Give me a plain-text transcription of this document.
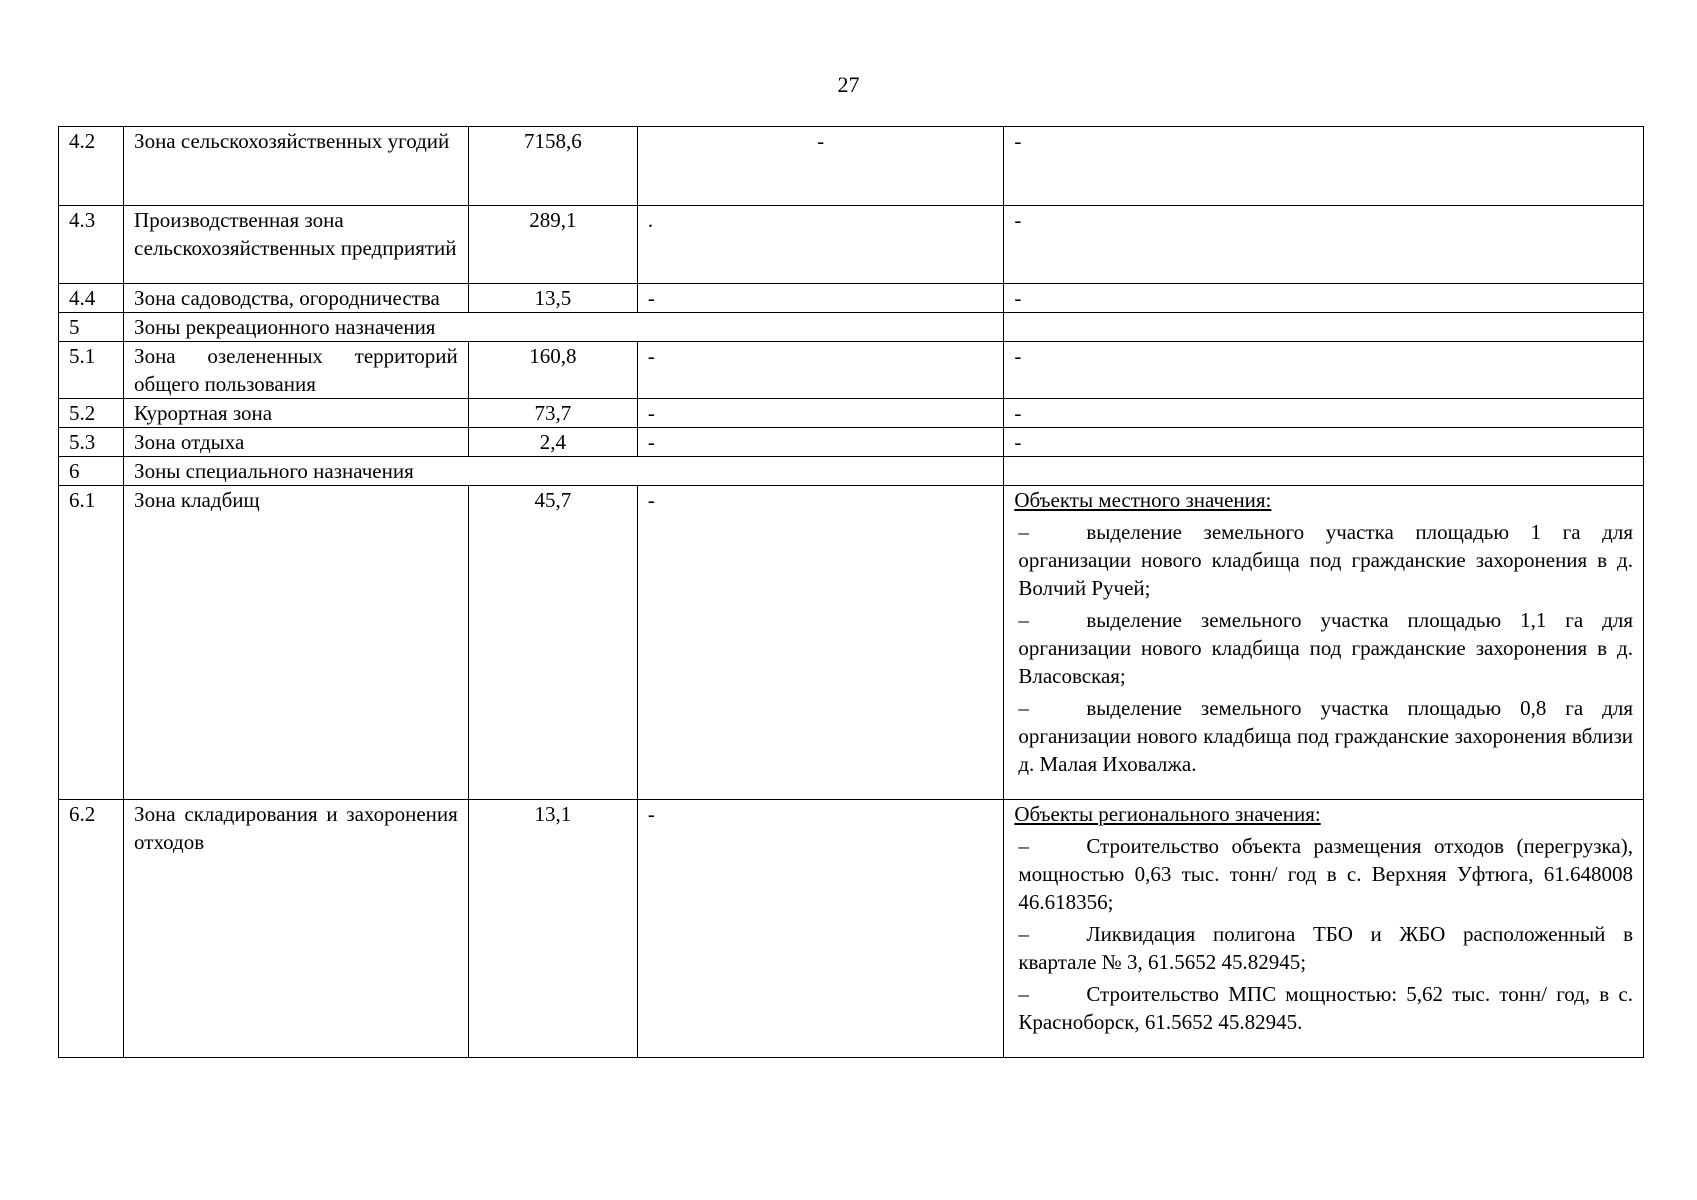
27
4.2	Зона сельскохозяйственных угодий	7158,6	-	-
4.3	Производственная зона сельскохозяйственных предприятий	289,1	.	-
4.4	Зона садоводства, огородничества	13,5	-	-
5	Зоны рекреационного назначения			
5.1	Зона озелененных территорий общего пользования	160,8	-	-
5.2	Курортная зона	73,7	-	-
5.3	Зона отдыха	2,4	-	-
6	Зоны специального назначения			
6.1	Зона кладбищ	45,7	-	Объекты местного значения:
– выделение земельного участка площадью 1 га для организации нового кладбища под гражданские захоронения в д. Волчий Ручей;
– выделение земельного участка площадью 1,1 га для организации нового кладбища под гражданские захоронения в д. Власовская;
– выделение земельного участка площадью 0,8 га для организации нового кладбища под гражданские захоронения вблизи д. Малая Иховалжа.

6.2	Зона складирования и захоронения отходов	13,1	-	Объекты регионального значения:
– Строительство объекта размещения отходов (перегрузка), мощностью 0,63 тыс. тонн/ год в с. Верхняя Уфтюга, 61.648008 46.618356;
– Ликвидация полигона ТБО и ЖБО расположенный в квартале № 3, 61.5652 45.82945;
– Строительство МПС мощностью: 5,62 тыс. тонн/ год, в с. Красноборск, 61.5652 45.82945.
